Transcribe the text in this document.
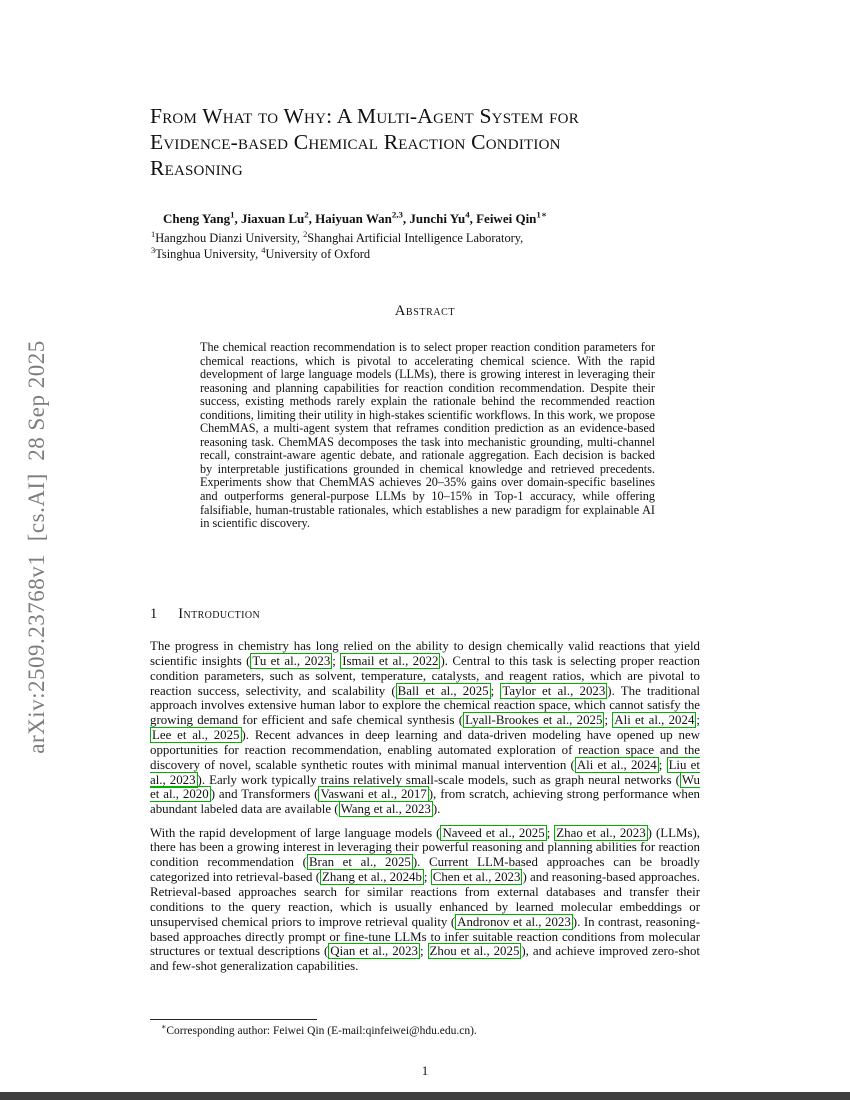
arXiv:2509.23768v1  [cs.AI]  28 Sep 2025
From What to Why: A Multi-Agent System for
Evidence-based Chemical Reaction Condition
Reasoning
Cheng Yang$^1$, Jiaxuan Lu$^2$, Haiyuan Wan$^{2,3}$, Junchi Yu$^4$, Feiwei Qin$^{1∗}$
$^1$Hangzhou Dianzi University, $^2$Shanghai Artificial Intelligence Laboratory,
$^3$Tsinghua University, $^4$University of Oxford
Abstract
The chemical reaction recommendation is to select proper reaction condition parameters for chemical reactions, which is pivotal to accelerating chemical science. With the rapid development of large language models (LLMs), there is growing interest in leveraging their reasoning and planning capabilities for reaction condition recommendation. Despite their success, existing methods rarely explain the rationale behind the recommended reaction conditions, limiting their utility in high-stakes scientific workflows. In this work, we propose ChemMAS, a multi-agent system that reframes condition prediction as an evidence-based reasoning task. ChemMAS decomposes the task into mechanistic grounding, multi-channel recall, constraint-aware agentic debate, and rationale aggregation. Each decision is backed by interpretable justifications grounded in chemical knowledge and retrieved precedents. Experiments show that ChemMAS achieves 20–35% gains over domain-specific baselines and outperforms general-purpose LLMs by 10–15% in Top-1 accuracy, while offering falsifiable, human-trustable rationales, which establishes a new paradigm for explainable AI in scientific discovery.
1 Introduction

The progress in chemistry has long relied on the ability to design chemically valid reactions that yield scientific insights ( Tu et al., 2023 ; Ismail et al., 2022 ). Central to this task is selecting proper reaction condition parameters, such as solvent, temperature, catalysts, and reagent ratios, which are pivotal to reaction success, selectivity, and scalability ( Ball et al., 2025 ; Taylor et al., 2023 ). The traditional approach involves extensive human labor to explore the chemical reaction space, which cannot satisfy the growing demand for efficient and safe chemical synthesis ( Lyall-Brookes et al., 2025 ; Ali et al., 2024 ; Lee et al., 2025 ). Recent advances in deep learning and data-driven modeling have opened up new opportunities for reaction recommendation, enabling automated exploration of reaction space and the discovery of novel, scalable synthetic routes with minimal manual intervention ( Ali et al., 2024 ; Liu et al., 2023 ). Early work typically trains relatively small-scale models, such as graph neural networks ( Wu et al., 2020 ) and Transformers ( Vaswani et al., 2017 ), from scratch, achieving strong performance when abundant labeled data are available ( Wang et al., 2023 ).

With the rapid development of large language models ( Naveed et al., 2025 ; Zhao et al., 2023 ) (LLMs), there has been a growing interest in leveraging their powerful reasoning and planning abilities for reaction condition recommendation ( Bran et al., 2025 ). Current LLM-based approaches can be broadly categorized into retrieval-based ( Zhang et al., 2024b ; Chen et al., 2023 ) and reasoning-based approaches. Retrieval-based approaches search for similar reactions from external databases and transfer their conditions to the query reaction, which is usually enhanced by learned molecular embeddings or unsupervised chemical priors to improve retrieval quality ( Andronov et al., 2023 ). In contrast, reasoning-based approaches directly prompt or fine-tune LLMs to infer suitable reaction conditions from molecular structures or textual descriptions ( Qian et al., 2023 ; Zhou et al., 2025 ), and achieve improved zero-shot and few-shot generalization capabilities.

∗Corresponding author: Feiwei Qin (E-mail:qinfeiwei@hdu.edu.cn).
1
